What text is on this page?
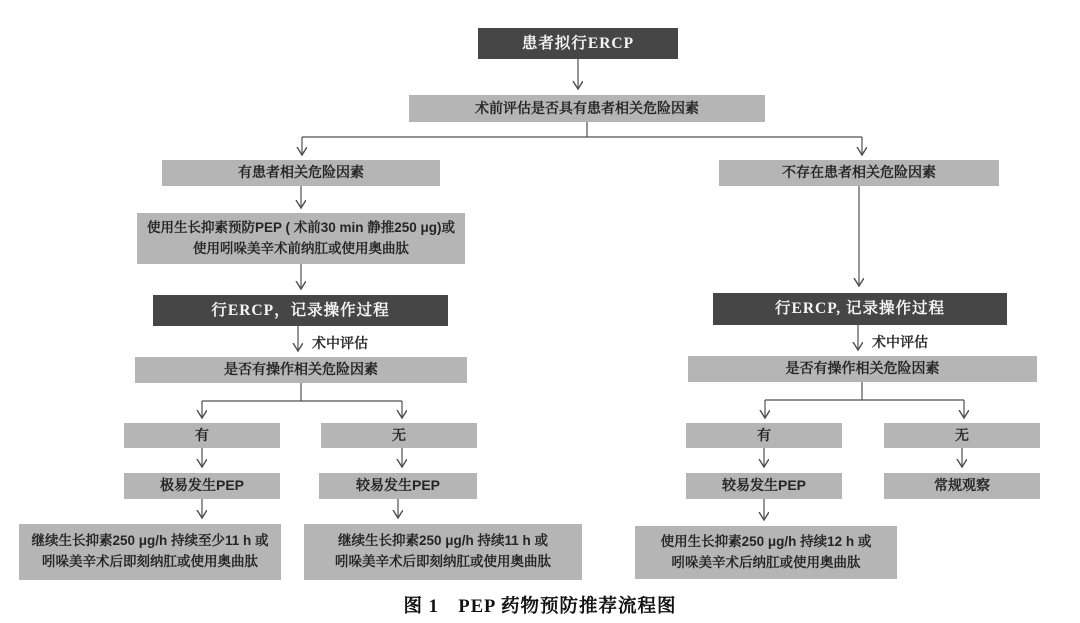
患者拟行ERCP
术前评估是否具有患者相关危险因素
有患者相关危险因素
使用生长抑素预防PEP ( 术前30 min 静推250 μg)或
使用吲哚美辛术前纳肛或使用奥曲肽
行ERCP，记录操作过程
术中评估
是否有操作相关危险因素
有	无
极易发生PEP	较易发生PEP
继续生长抑素250 μg/h 持续至少11 h 或
吲哚美辛术后即刻纳肛或使用奥曲肽
继续生长抑素250 μg/h 持续11 h 或
吲哚美辛术后即刻纳肛或使用奥曲肽
不存在患者相关危险因素
行ERCP, 记录操作过程
术中评估
是否有操作相关危险因素
有	无
较易发生PEP	常规观察
使用生长抑素250 μg/h 持续12 h 或
吲哚美辛术后纳肛或使用奥曲肽
图 1　PEP 药物预防推荐流程图
